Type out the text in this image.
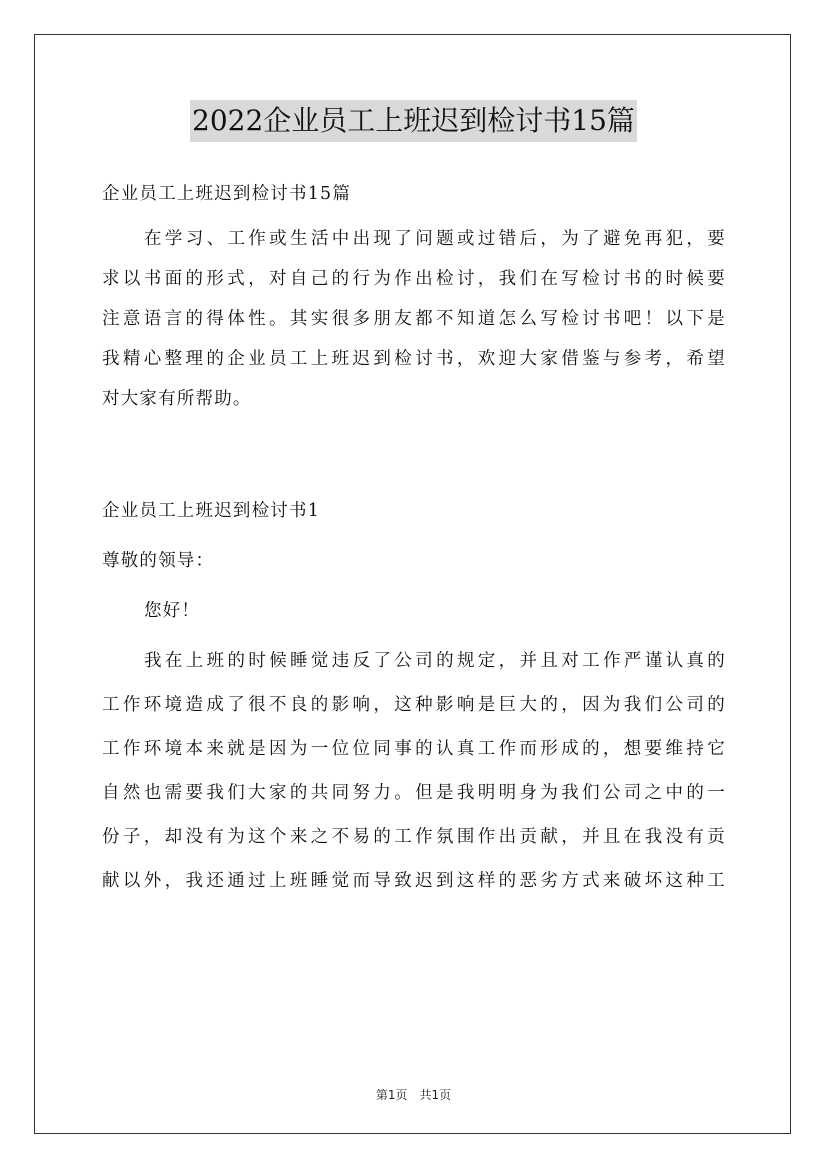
2022企业员工上班迟到检讨书15篇
企业员工上班迟到检讨书15篇
在学习、工作或生活中出现了问题或过错后，为了避免再犯，要
求以书面的形式，对自己的行为作出检讨，我们在写检讨书的时候要
注意语言的得体性。其实很多朋友都不知道怎么写检讨书吧！以下是
我精心整理的企业员工上班迟到检讨书，欢迎大家借鉴与参考，希望
对大家有所帮助。
企业员工上班迟到检讨书1
尊敬的领导：
您好！
我在上班的时候睡觉违反了公司的规定，并且对工作严谨认真的
工作环境造成了很不良的影响，这种影响是巨大的，因为我们公司的
工作环境本来就是因为一位位同事的认真工作而形成的，想要维持它
自然也需要我们大家的共同努力。但是我明明身为我们公司之中的一
份子，却没有为这个来之不易的工作氛围作出贡献，并且在我没有贡
献以外，我还通过上班睡觉而导致迟到这样的恶劣方式来破坏这种工
第1页　共1页
